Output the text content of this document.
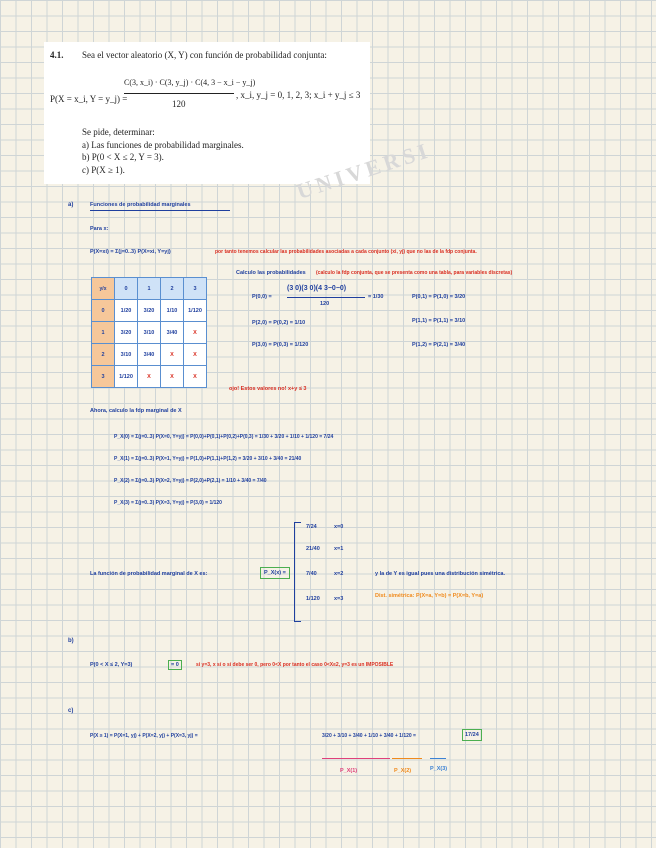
4.1. Sea el vector aleatorio (X, Y) con función de probabilidad conjunta:
P(X = x_i, Y = y_j) =
C(3, x_i) · C(3, y_j) · C(4, 3 − x_i − y_j)
120
, x_i, y_j = 0, 1, 2, 3; x_i + y_j ≤ 3
Se pide, determinar:
a) Las funciones de probabilidad marginales.
b) P(0 < X ≤ 2, Y = 3).
c) P(X ≥ 1).	UNIVERSI
a)	Funciones de probabilidad marginales
Para x:
P(X=xi) = Σ(j=0..3) P(X=xi, Y=yj)	por tanto tenemos calcular las probabilidades asociadas a cada conjunto (xi, yj) que no las de la fdp conjunta.
Calculo las probabilidades (calculo la fdp conjunta, que se presenta como una tabla, para variables discretas)
y/x	0	1	2	3
0	1/20	3/20	1/10	1/120
1	3/20	3/10	3/40	X
2	3/10	3/40	X	X
3	1/120	X	X	X
P(0,0) =
(3 0)(3 0)(4 3−0−0)
120
= 1/30	P(0,1) = P(1,0) = 3/20
P(2,0) = P(0,2) = 1/10	P(1,1) = P(1,1) = 3/10
P(3,0) = P(0,3) = 1/120	P(1,2) = P(2,1) = 3/40
ojo! Estos valores no! x+y ≤ 3
Ahora, calculo la fdp marginal de X
P_X(0) = Σ(j=0..3) P(X=0, Y=yj) = P(0,0)+P(0,1)+P(0,2)+P(0,3) = 1/30 + 3/20 + 1/10 + 1/120 = 7/24
P_X(1) = Σ(j=0..3) P(X=1, Y=yj) = P(1,0)+P(1,1)+P(1,2) = 3/20 + 3/10 + 3/40 = 21/40
P_X(2) = Σ(j=0..3) P(X=2, Y=yj) = P(2,0)+P(2,1) = 1/10 + 3/40 = 7/40
P_X(3) = Σ(j=0..3) P(X=3, Y=yj) = P(3,0) = 1/120
La función de probabilidad marginal de X es:	P_X(x) =
7/24	x=0
21/40	x=1
7/40	x=2
1/120	x=3
y la de Y es igual pues una distribución simétrica.
Dist. simétrica: P(X=a, Y=b) = P(X=b, Y=a)
b)
P(0 < X ≤ 2, Y=3)	= 0	si y=3, x sí o sí debe ser 0, pero 0<X por tanto el caso 0<X≤2, y=3 es un IMPOSIBLE
c)
P(X ≥ 1) = P(X=1, yj) + P(X=2, yj) + P(X=3, yj) =	3/20 + 3/10 + 3/40 + 1/10 + 3/40 + 1/120 =	17/24
P_X(1)	P_X(2)	P_X(3)
